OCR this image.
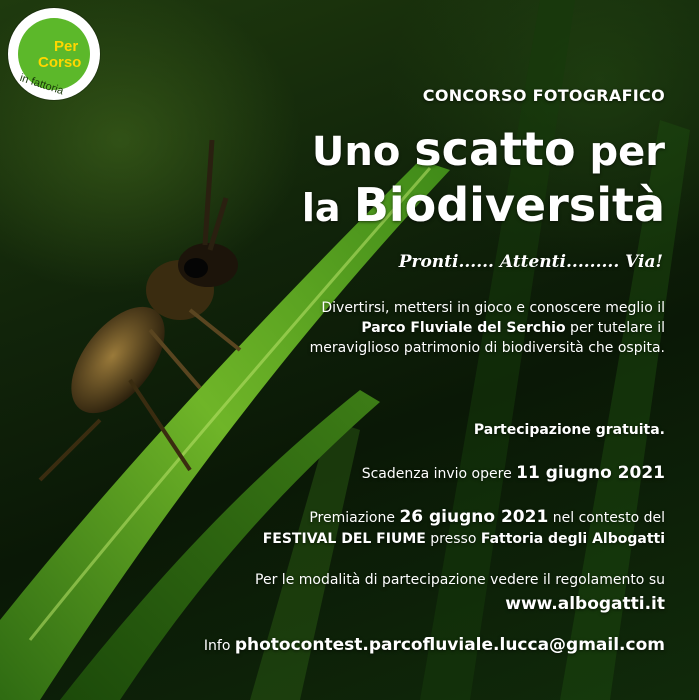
Per
Corso
in fattoria	CONCORSO FOTOGRAFICO
Uno scatto per
la Biodiversità
Pronti...... Attenti......... Via!
Divertirsi, mettersi in gioco e conoscere meglio il Parco Fluviale del Serchio per tutelare il meraviglioso patrimonio di biodiversità che ospita.
Partecipazione gratuita.
Scadenza invio opere 11 giugno 2021
Premiazione 26 giugno 2021 nel contesto del
FESTIVAL DEL FIUME presso Fattoria degli Albogatti
Per le modalità di partecipazione vedere il regolamento su
www.albogatti.it
Info photocontest.parcofluviale.lucca@gmail.com
